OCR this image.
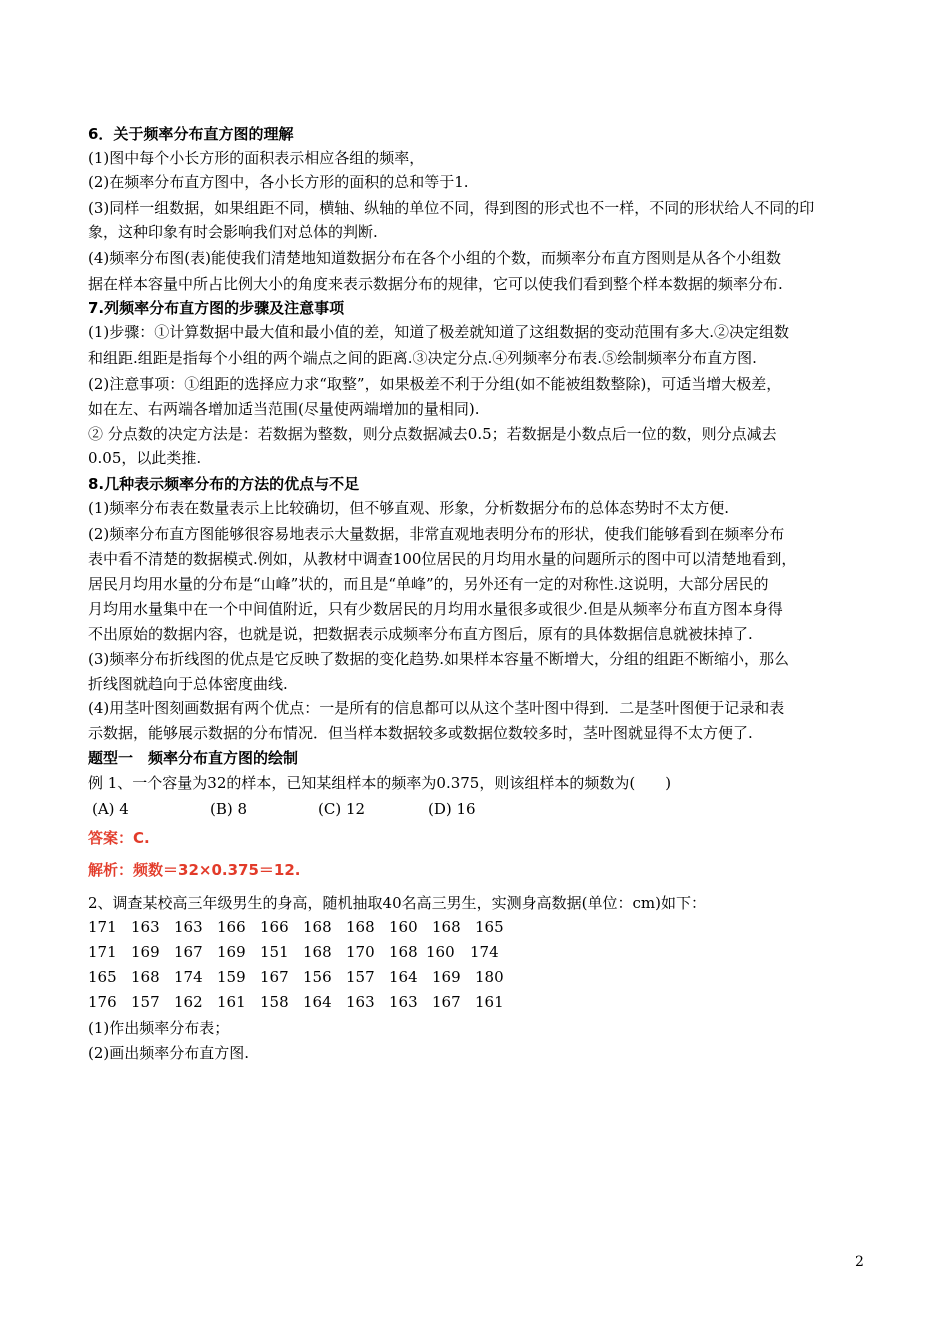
6．关于频率分布直方图的理解
(1)图中每个小长方形的面积表示相应各组的频率，
(2)在频率分布直方图中，各小长方形的面积的总和等于1.
(3)同样一组数据，如果组距不同，横轴、纵轴的单位不同，得到图的形式也不一样，不同的形状给人不同的印
象，这种印象有时会影响我们对总体的判断.
(4)频率分布图(表)能使我们清楚地知道数据分布在各个小组的个数，而频率分布直方图则是从各个小组数
据在样本容量中所占比例大小的角度来表示数据分布的规律，它可以使我们看到整个样本数据的频率分布.
7.列频率分布直方图的步骤及注意事项
(1)步骤：①计算数据中最大值和最小值的差，知道了极差就知道了这组数据的变动范围有多大.②决定组数
和组距.组距是指每个小组的两个端点之间的距离.③决定分点.④列频率分布表.⑤绘制频率分布直方图.
(2)注意事项：①组距的选择应力求“取整”，如果极差不利于分组(如不能被组数整除)，可适当增大极差，
如在左、右两端各增加适当范围(尽量使两端增加的量相同).
② 分点数的决定方法是：若数据为整数，则分点数据减去0.5；若数据是小数点后一位的数，则分点减去
0.05，以此类推.
8.几种表示频率分布的方法的优点与不足
(1)频率分布表在数量表示上比较确切，但不够直观、形象，分析数据分布的总体态势时不太方便.
(2)频率分布直方图能够很容易地表示大量数据，非常直观地表明分布的形状，使我们能够看到在频率分布
表中看不清楚的数据模式.例如，从教材中调查100位居民的月均用水量的问题所示的图中可以清楚地看到，
居民月均用水量的分布是“山峰”状的，而且是“单峰”的，另外还有一定的对称性.这说明，大部分居民的
月均用水量集中在一个中间值附近，只有少数居民的月均用水量很多或很少.但是从频率分布直方图本身得
不出原始的数据内容，也就是说，把数据表示成频率分布直方图后，原有的具体数据信息就被抹掉了.
(3)频率分布折线图的优点是它反映了数据的变化趋势.如果样本容量不断增大，分组的组距不断缩小，那么
折线图就趋向于总体密度曲线.
(4)用茎叶图刻画数据有两个优点：一是所有的信息都可以从这个茎叶图中得到．二是茎叶图便于记录和表
示数据，能够展示数据的分布情况．但当样本数据较多或数据位数较多时，茎叶图就显得不太方便了.
题型一　频率分布直方图的绘制
例 1、一个容量为32的样本，已知某组样本的频率为0.375，则该组样本的频数为(　　)
(A) 4	(B) 8	(C) 12	(D) 16
答案：C.
解析：频数＝32×0.375＝12.
2、调查某校高三年级男生的身高，随机抽取40名高三男生，实测身高数据(单位：cm)如下：
171 163 163 166 166 168 168 160 168 165
171 169 167 169 151 168 170 168 160	174
165 168 174 159 167 156 157 164 169 180
176 157 162 161 158 164 163 163 167 161
(1)作出频率分布表；
(2)画出频率分布直方图.
2
